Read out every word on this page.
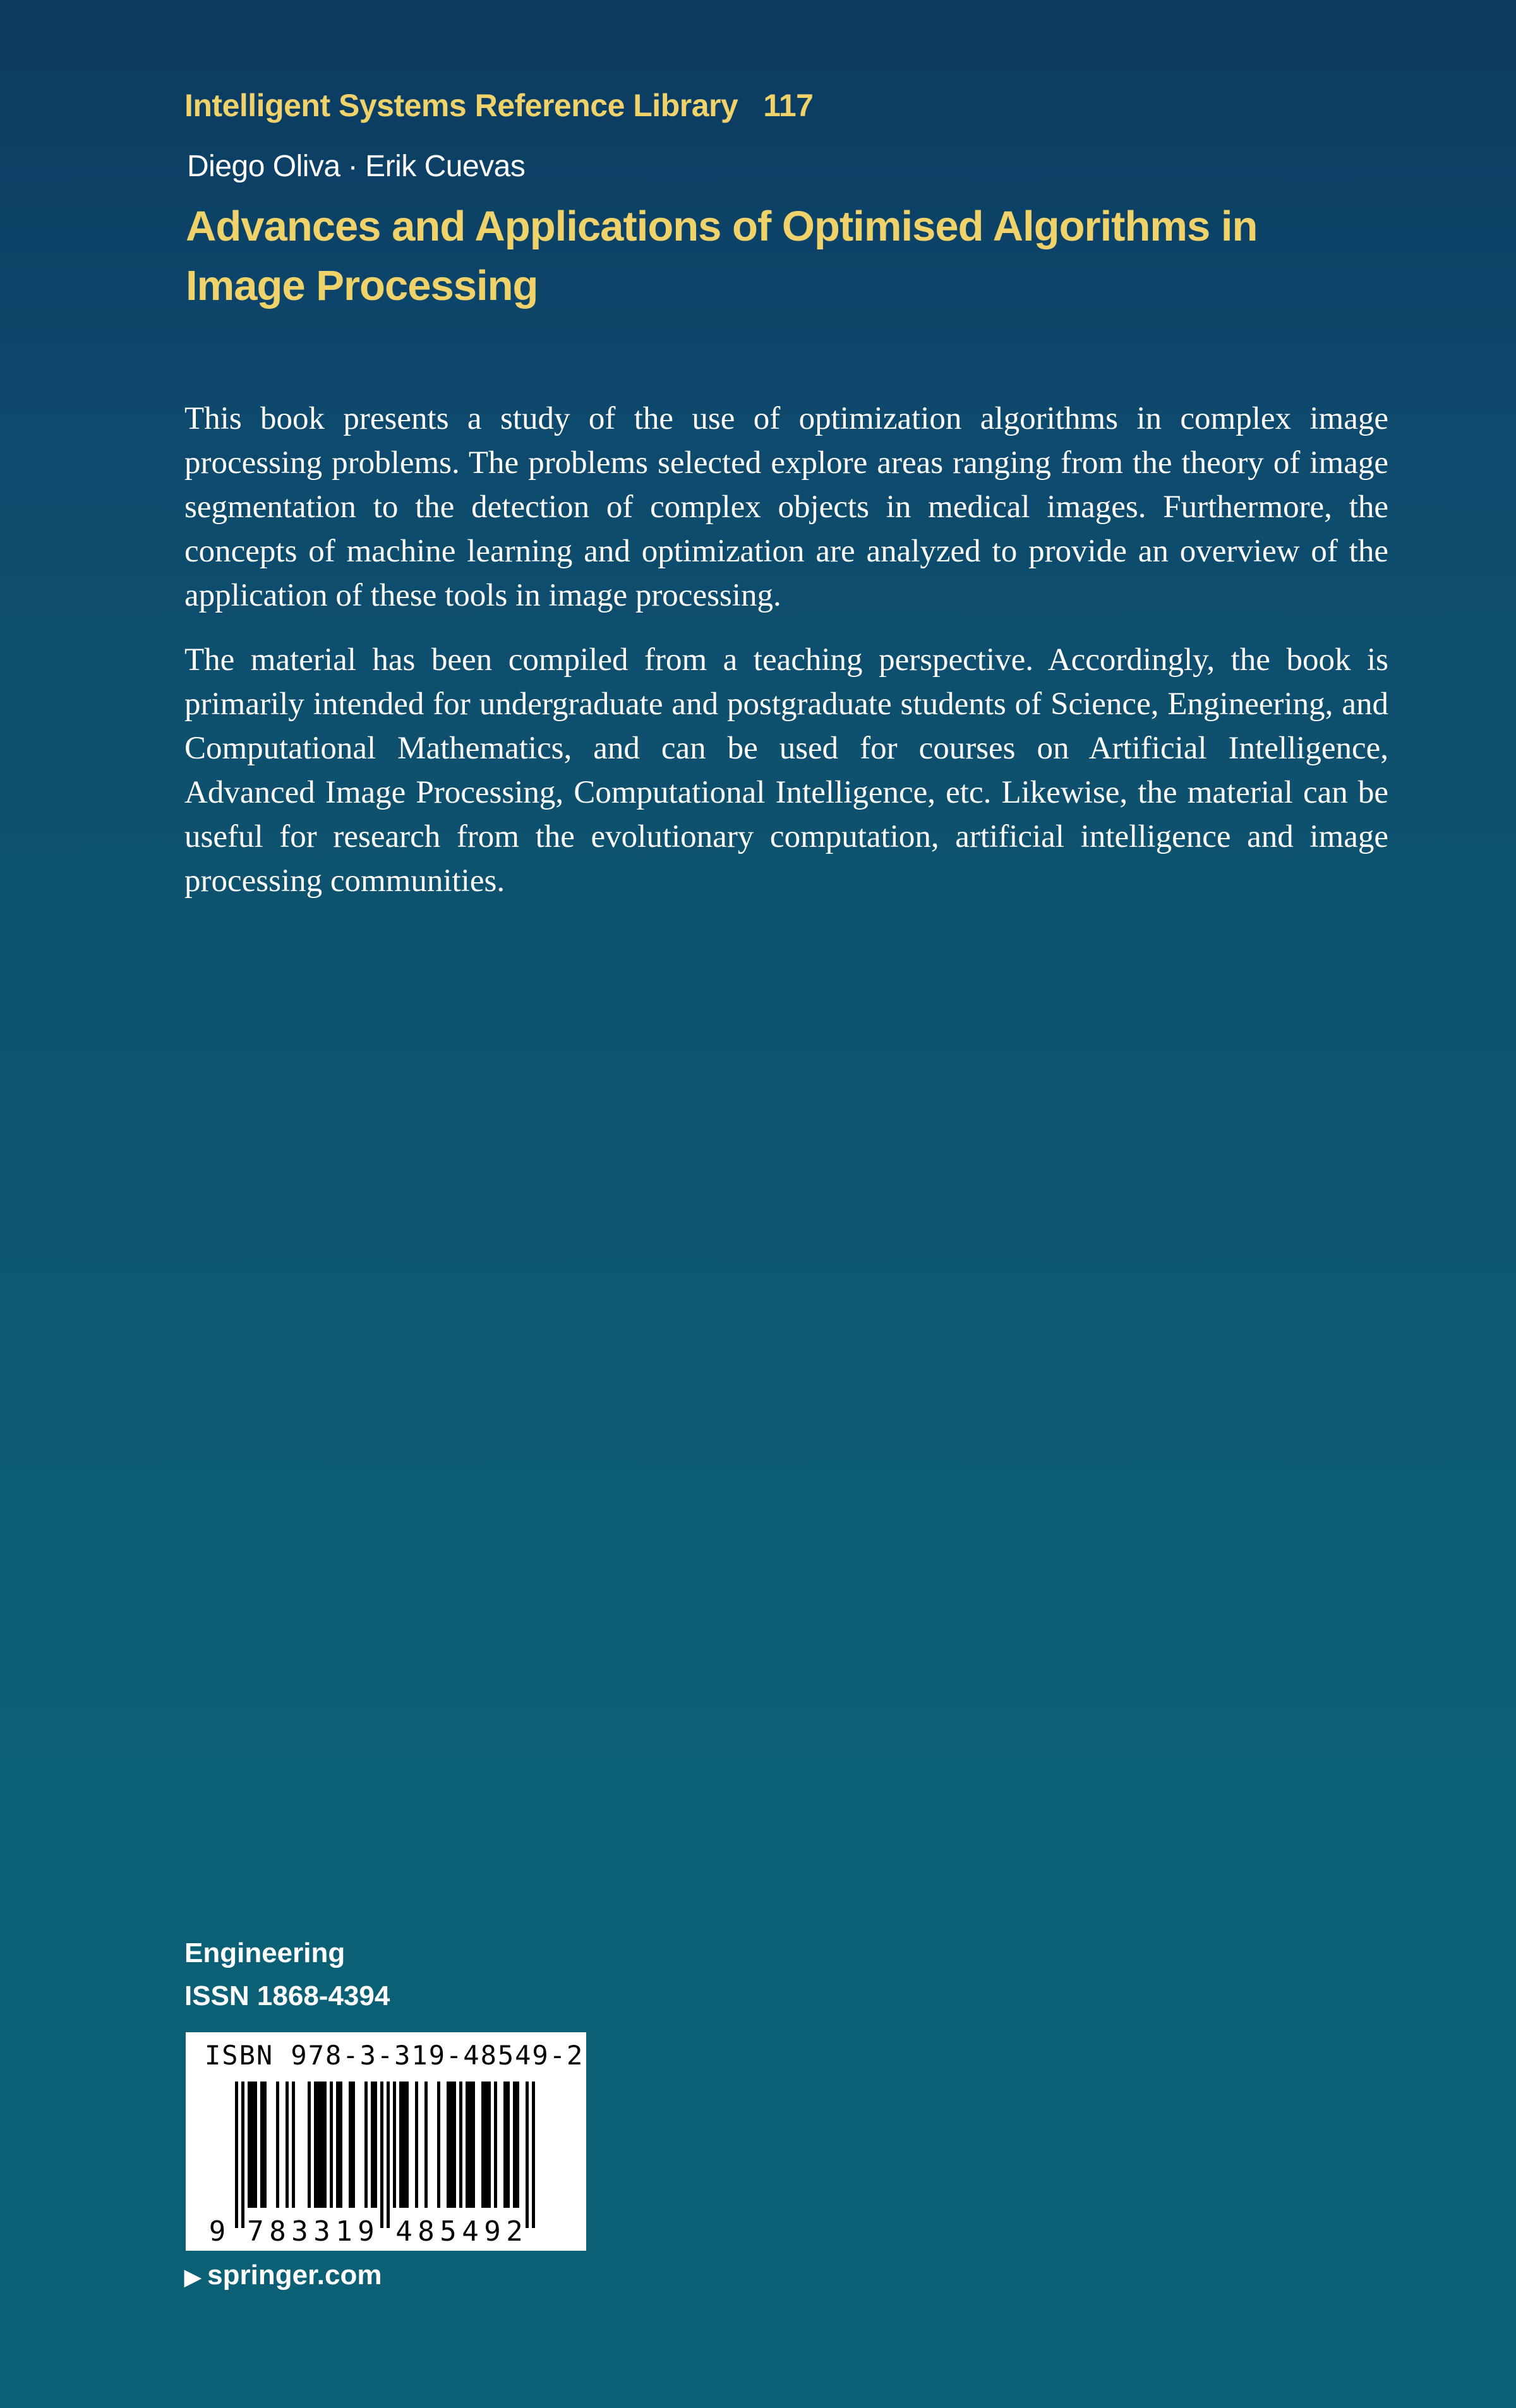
Intelligent Systems Reference Library 117
Diego Oliva · Erik Cuevas
Advances and Applications of Optimised Algorithms in Image Processing

This book presents a study of the use of optimization algorithms in complex image processing problems. The problems selected explore areas ranging from the theory of image segmentation to the detection of complex objects in medical images. Furthermore, the concepts of machine learning and optimization are analyzed to provide an overview of the application of these tools in image processing.

The material has been compiled from a teaching perspective. Accordingly, the book is primarily intended for undergraduate and postgraduate students of Science, Engineering, and Computational Mathematics, and can be used for courses on Artificial Intelligence, Advanced Image Processing, Computational Intelligence, etc. Likewise, the material can be useful for research from the evolutionary computation, artificial intelligence and image processing communities.

Engineering
ISSN 1868-4394
ISBN 978-3-319-48549-2
9 7 8 3 3 1 9 4 8 5 4 9 2
▶ springer.com
